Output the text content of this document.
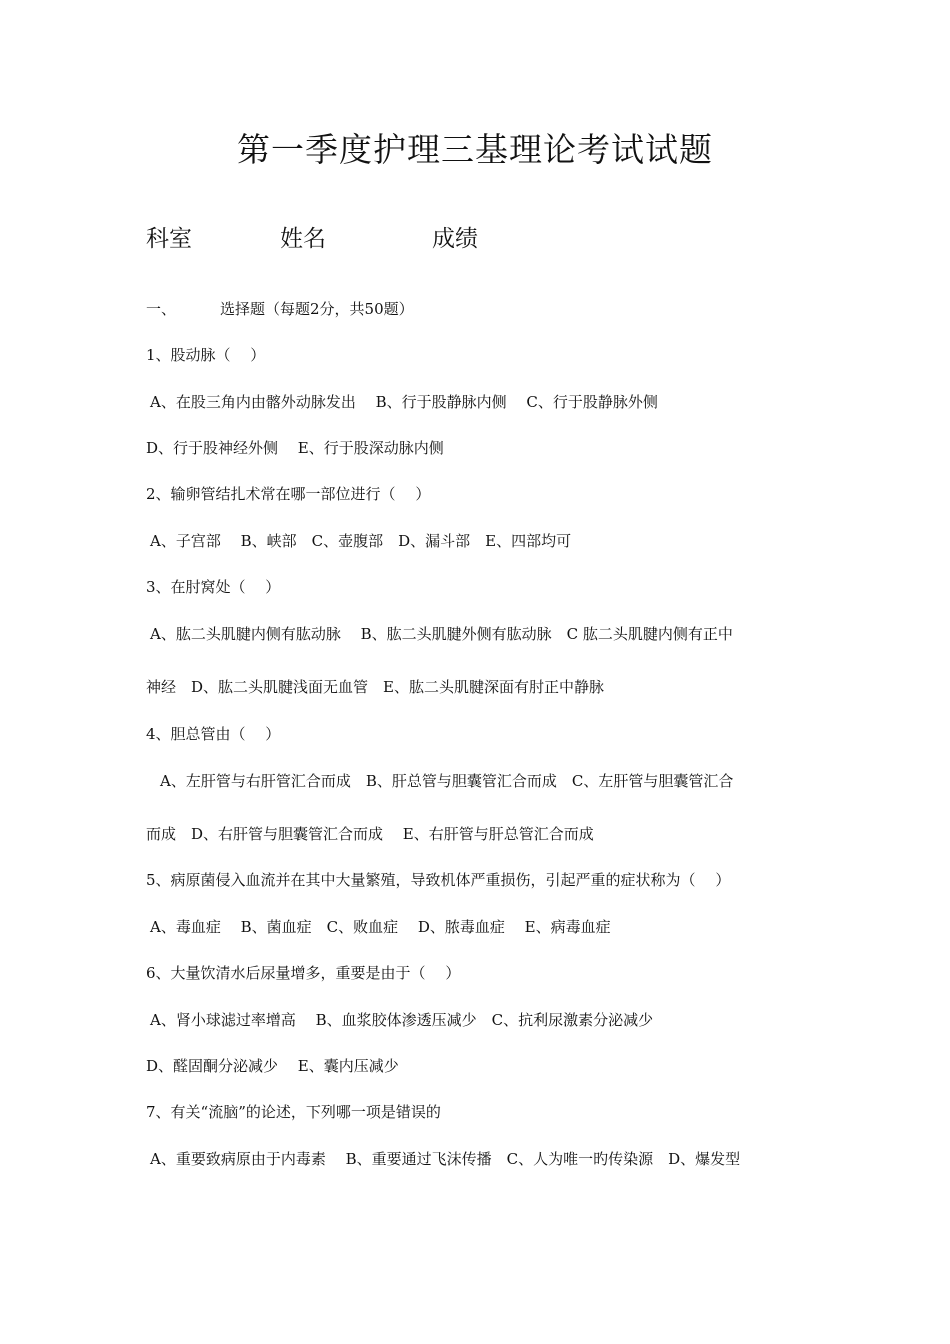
第一季度护理三基理论考试试题
科室	姓名	成绩
一、	选择题（每题2分，共50题）
1、股动脉（　 ）
A、在股三角内由髂外动脉发出　 B、行于股静脉内侧　 C、行于股静脉外侧
D、行于股神经外侧　 E、行于股深动脉内侧
2、输卵管结扎术常在哪一部位进行（　 ）
A、子宫部　 B、峡部　C、壶腹部　D、漏斗部　E、四部均可
3、在肘窝处（　 ）
A、肱二头肌腱内侧有肱动脉　 B、肱二头肌腱外侧有肱动脉　C 肱二头肌腱内侧有正中
神经　D、肱二头肌腱浅面无血管　E、肱二头肌腱深面有肘正中静脉
4、胆总管由（　 ）
A、左肝管与右肝管汇合而成　B、肝总管与胆囊管汇合而成　C、左肝管与胆囊管汇合
而成　D、右肝管与胆囊管汇合而成　 E、右肝管与肝总管汇合而成
5、病原菌侵入血流并在其中大量繁殖，导致机体严重损伤，引起严重的症状称为（　 ）
A、毒血症　 B、菌血症　C、败血症　 D、脓毒血症　 E、病毒血症
6、大量饮清水后尿量增多，重要是由于（　 ）
A、肾小球滤过率增高　 B、血浆胶体渗透压减少　C、抗利尿激素分泌减少
D、醛固酮分泌减少　 E、囊内压减少
7、有关“流脑”的论述，下列哪一项是错误的
A、重要致病原由于内毒素　 B、重要通过飞沫传播　C、人为唯一旳传染源　D、爆发型
